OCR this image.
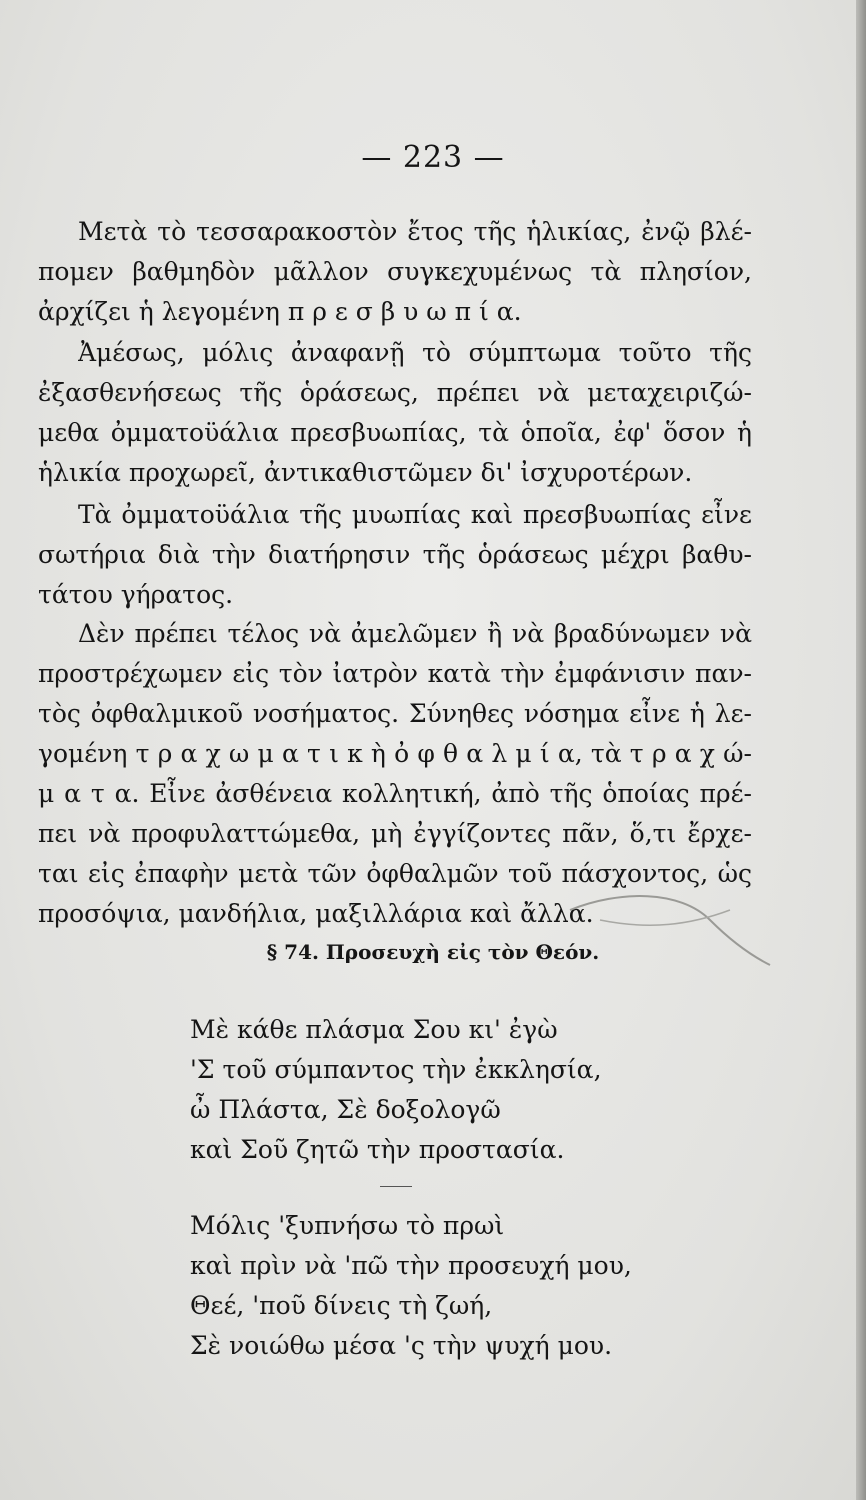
— 223 —
Μετὰ τὸ τεσσαρακοστὸν ἔτος τῆς ἡλικίας, ἐνῷ βλέ-
πομεν βαθμηδὸν μᾶλλον συγκεχυμένως τὰ πλησίον,
ἀρχίζει ἡ λεγομένη π ρ ε σ β υ ω π ί α.
Ἀμέσως, μόλις ἀναφανῇ τὸ σύμπτωμα τοῦτο τῆς
ἐξασθενήσεως τῆς ὁράσεως, πρέπει νὰ μεταχειριζώ-
μεθα ὀμματοϋάλια πρεσβυωπίας, τὰ ὁποῖα, ἐφ' ὅσον ἡ
ἡλικία προχωρεῖ, ἀντικαθιστῶμεν δι' ἰσχυροτέρων.
Τὰ ὀμματοϋάλια τῆς μυωπίας καὶ πρεσβυωπίας εἶνε
σωτήρια διὰ τὴν διατήρησιν τῆς ὁράσεως μέχρι βαθυ-
τάτου γήρατος.
Δὲν πρέπει τέλος νὰ ἀμελῶμεν ἢ νὰ βραδύνωμεν νὰ
προστρέχωμεν εἰς τὸν ἰατρὸν κατὰ τὴν ἐμφάνισιν παν-
τὸς ὀφθαλμικοῦ νοσήματος. Σύνηθες νόσημα εἶνε ἡ λε-
γομένη τ ρ α χ ω μ α τ ι κ ὴ ὀ φ θ α λ μ ί α, τὰ τ ρ α χ ώ-
μ α τ α. Εἶνε ἀσθένεια κολλητική, ἀπὸ τῆς ὁποίας πρέ-
πει νὰ προφυλαττώμεθα, μὴ ἐγγίζοντες πᾶν, ὅ,τι ἔρχε-
ται εἰς ἐπαφὴν μετὰ τῶν ὀφθαλμῶν τοῦ πάσχοντος, ὡς
προσόψια, μανδήλια, μαξιλλάρια καὶ ἄλλα.
§ 74. Προσευχὴ εἰς τὸν Θεόν.
Μὲ κάθε πλάσμα Σου κι' ἐγὼ
'Σ τοῦ σύμπαντος τὴν ἐκκλησία,
ὦ Πλάστα, Σὲ δοξολογῶ
καὶ Σοῦ ζητῶ τὴν προστασία.
Μόλις 'ξυπνήσω τὸ πρωὶ
καὶ πρὶν νὰ 'πῶ τὴν προσευχή μου,
Θεέ, 'ποῦ δίνεις τὴ ζωή,
Σὲ νοιώθω μέσα 'ς τὴν ψυχή μου.
